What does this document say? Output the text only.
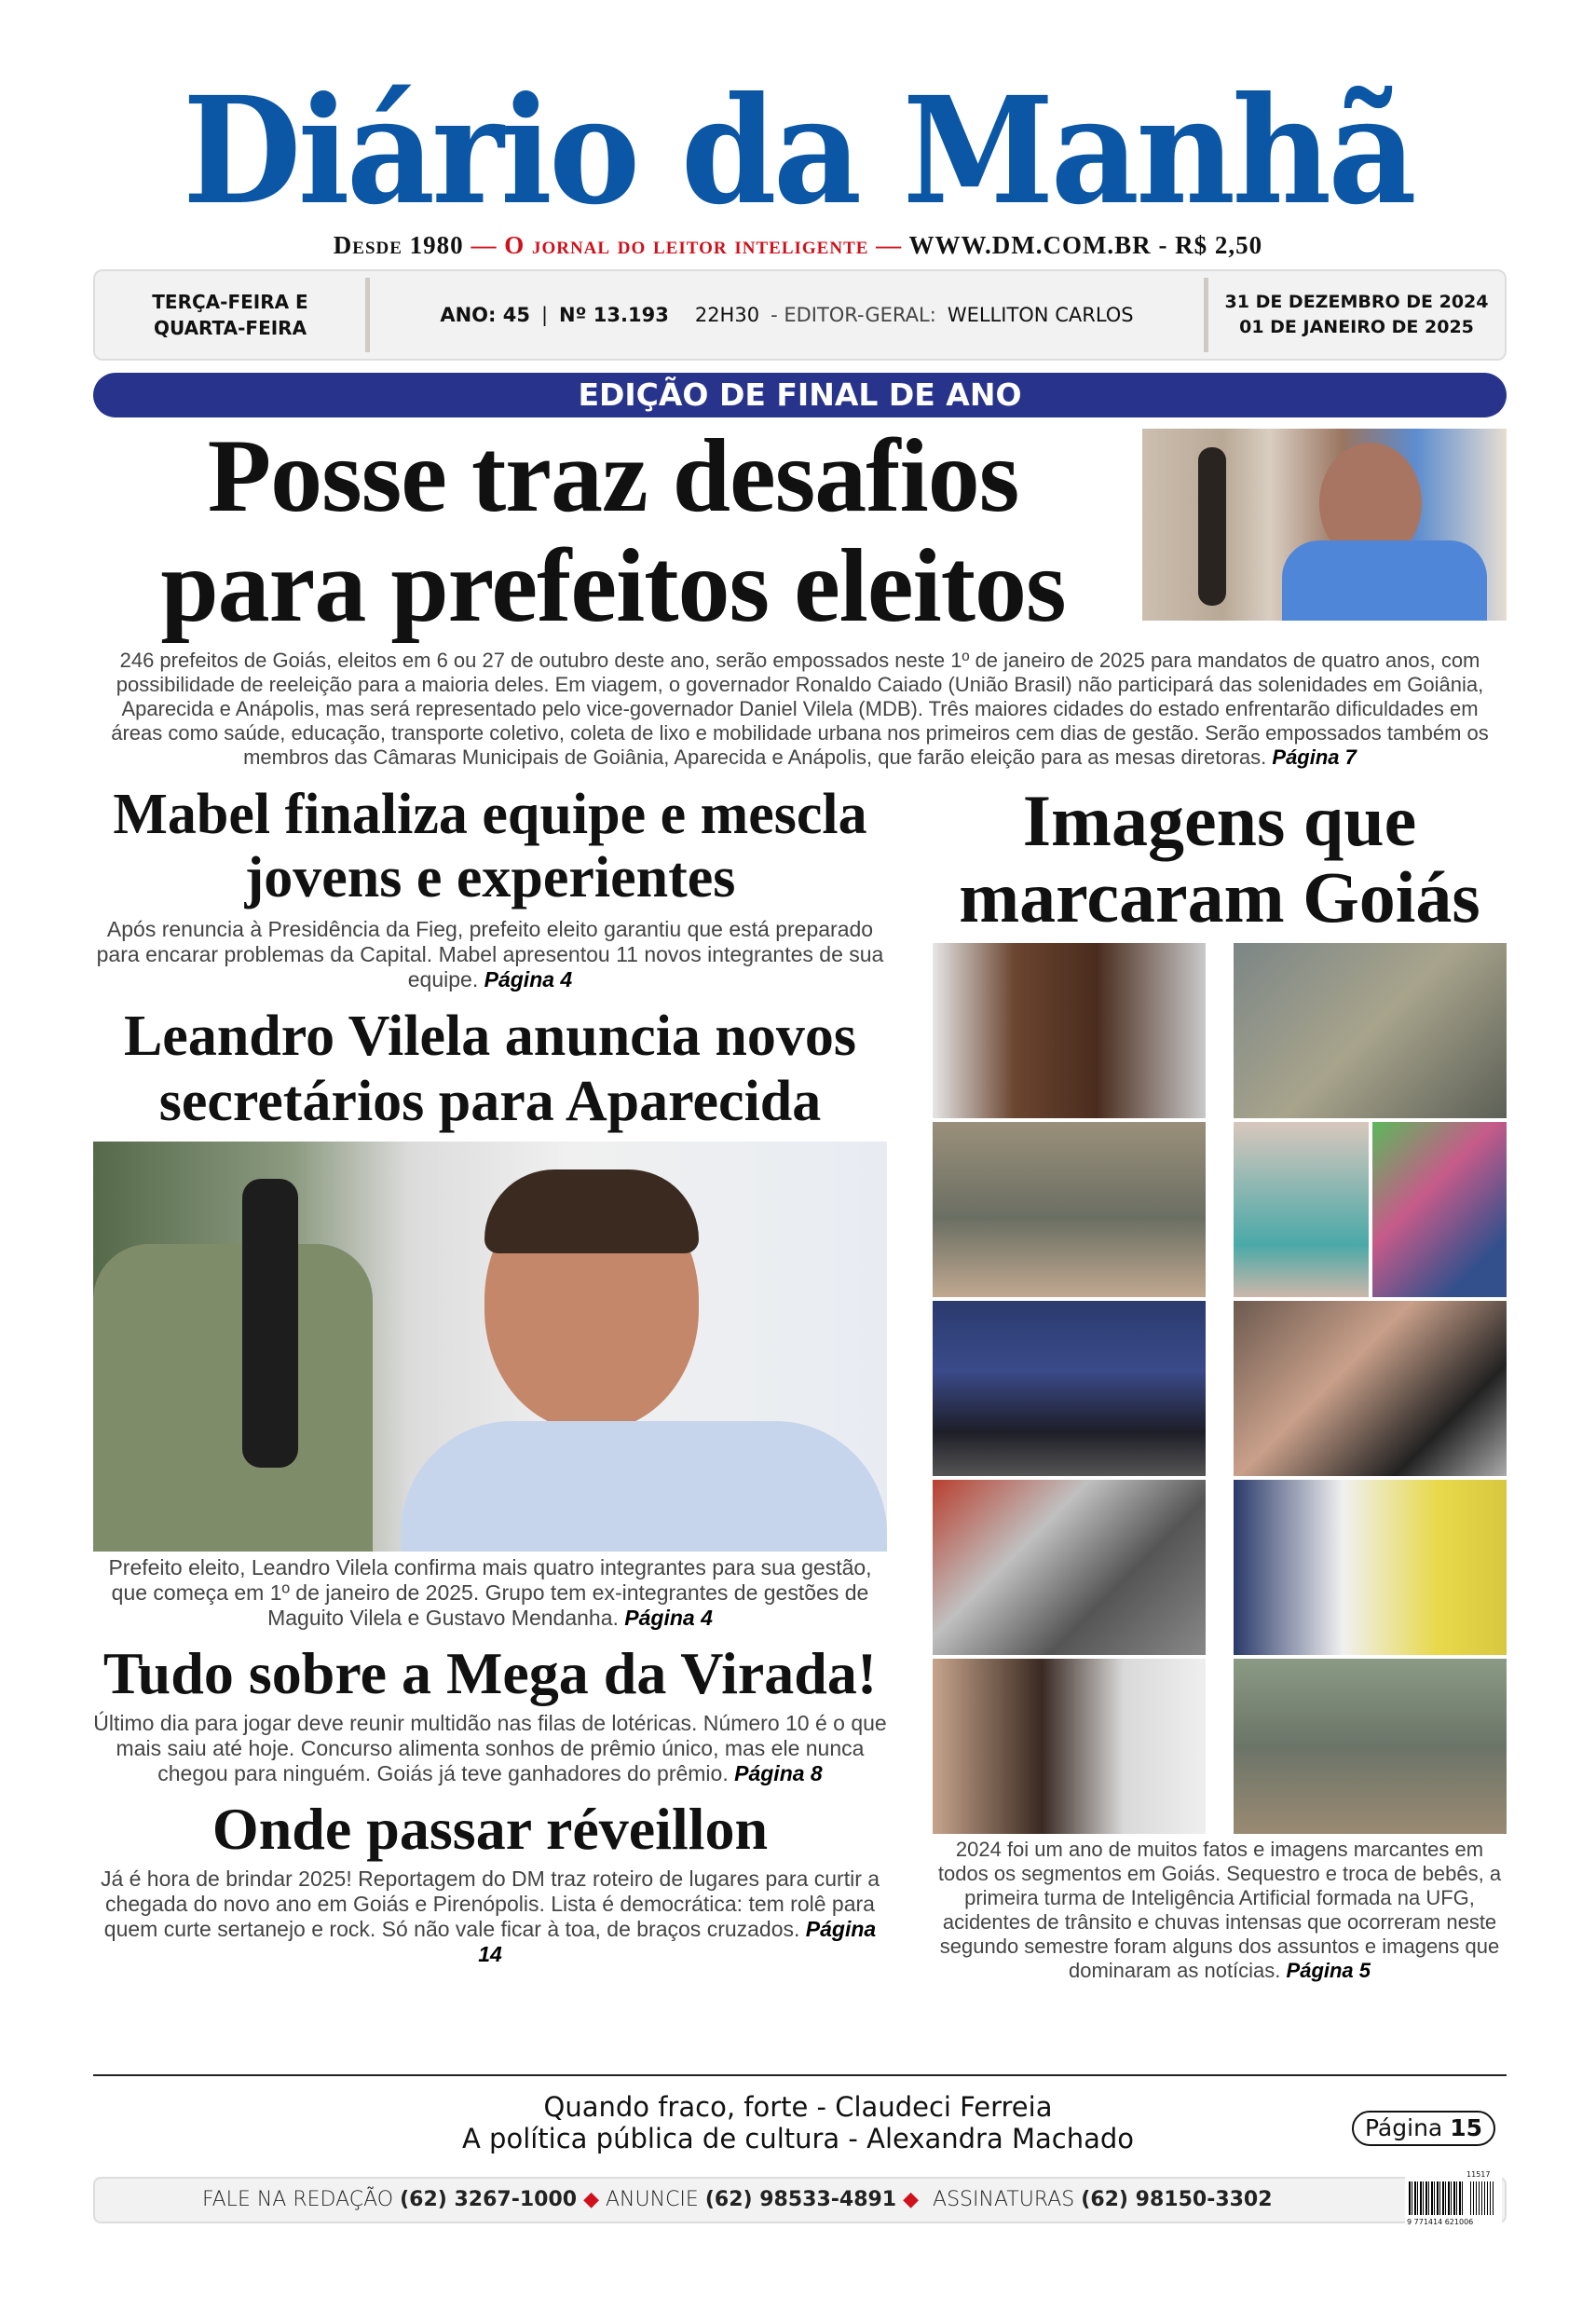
Diário da Manhã
Desde 1980 — O jornal do leitor inteligente — WWW.DM.COM.BR - R$ 2,50
TERÇA-FEIRA E
QUARTA-FEIRA
ANO: 45 | Nº 13.193 22H30 - EDITOR-GERAL: WELLITON CARLOS
31 DE DEZEMBRO DE 2024
01 DE JANEIRO DE 2025
EDIÇÃO DE FINAL DE ANO
Posse traz desafios
para prefeitos eleitos
246 prefeitos de Goiás, eleitos em 6 ou 27 de outubro deste ano, serão empossados neste 1º de janeiro de 2025 para mandatos de quatro anos, com possibilidade de reeleição para a maioria deles. Em viagem, o governador Ronaldo Caiado (União Brasil) não participará das solenidades em Goiânia, Aparecida e Anápolis, mas será representado pelo vice-governador Daniel Vilela (MDB). Três maiores cidades do estado enfrentarão dificuldades em áreas como saúde, educação, transporte coletivo, coleta de lixo e mobilidade urbana nos primeiros cem dias de gestão. Serão empossados também os membros das Câmaras Municipais de Goiânia, Aparecida e Anápolis, que farão eleição para as mesas diretoras. Página 7
Mabel finaliza equipe e mescla jovens e experientes
Após renuncia à Presidência da Fieg, prefeito eleito garantiu que está preparado para encarar problemas da Capital. Mabel apresentou 11 novos integrantes de sua equipe. Página 4
Leandro Vilela anuncia novos secretários para Aparecida
Prefeito eleito, Leandro Vilela confirma mais quatro integrantes para sua gestão, que começa em 1º de janeiro de 2025. Grupo tem ex-integrantes de gestões de Maguito Vilela e Gustavo Mendanha. Página 4
Tudo sobre a Mega da Virada!
Último dia para jogar deve reunir multidão nas filas de lotéricas. Número 10 é o que mais saiu até hoje. Concurso alimenta sonhos de prêmio único, mas ele nunca chegou para ninguém. Goiás já teve ganhadores do prêmio. Página 8
Onde passar réveillon
Já é hora de brindar 2025! Reportagem do DM traz roteiro de lugares para curtir a chegada do novo ano em Goiás e Pirenópolis. Lista é democrática: tem rolê para quem curte sertanejo e rock. Só não vale ficar à toa, de braços cruzados. Página 14
Imagens que marcaram Goiás
2024 foi um ano de muitos fatos e imagens marcantes em todos os segmentos em Goiás. Sequestro e troca de bebês, a primeira turma de Inteligência Artificial formada na UFG, acidentes de trânsito e chuvas intensas que ocorreram neste segundo semestre foram alguns dos assuntos e imagens que dominaram as notícias. Página 5
Quando fraco, forte - Claudeci Ferreia
A política pública de cultura - Alexandra Machado	Página 15
FALE NA REDAÇÃO (62) 3267-1000 ◆ ANUNCIE (62) 98533-4891 ◆ ASSINATURAS (62) 98150-3302
11517
9 771414 621006
